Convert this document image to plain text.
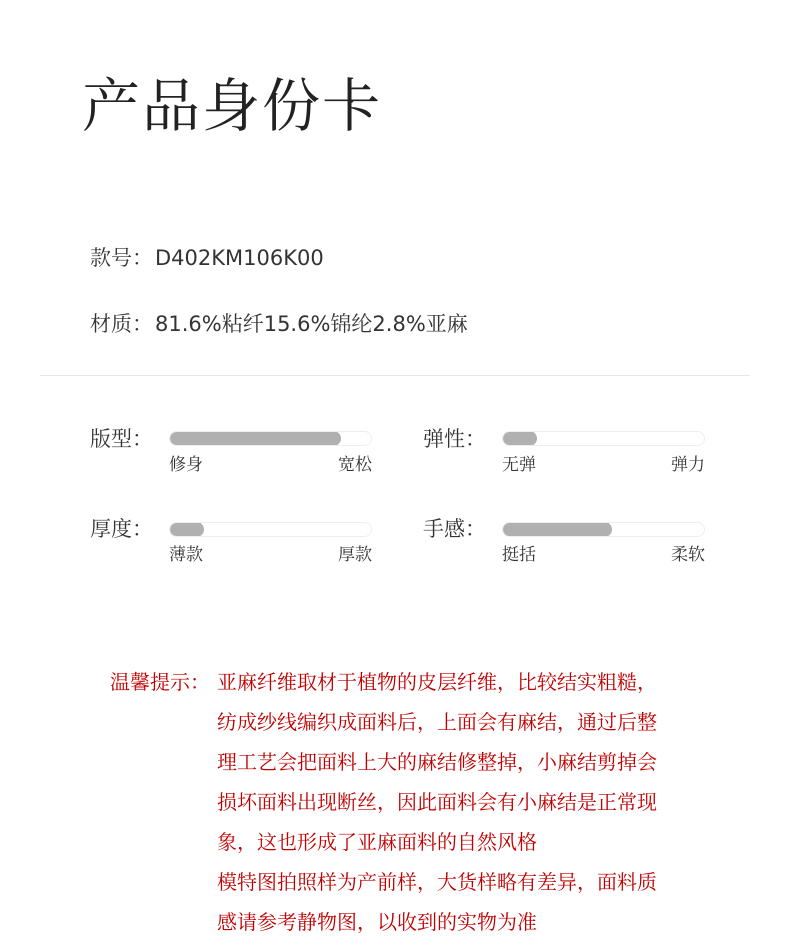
产品身份卡
款号：D402KM106K00
材质：81.6%粘纤15.6%锦纶2.8%亚麻
版型：
修身	宽松
弹性：
无弹	弹力
厚度：
薄款	厚款
手感：
挺括	柔软
温馨提示： 亚麻纤维取材于植物的皮层纤维，比较结实粗糙，
纺成纱线编织成面料后，上面会有麻结，通过后整
理工艺会把面料上大的麻结修整掉，小麻结剪掉会
损坏面料出现断丝，因此面料会有小麻结是正常现
象，这也形成了亚麻面料的自然风格
模特图拍照样为产前样，大货样略有差异，面料质
感请参考静物图，以收到的实物为准
